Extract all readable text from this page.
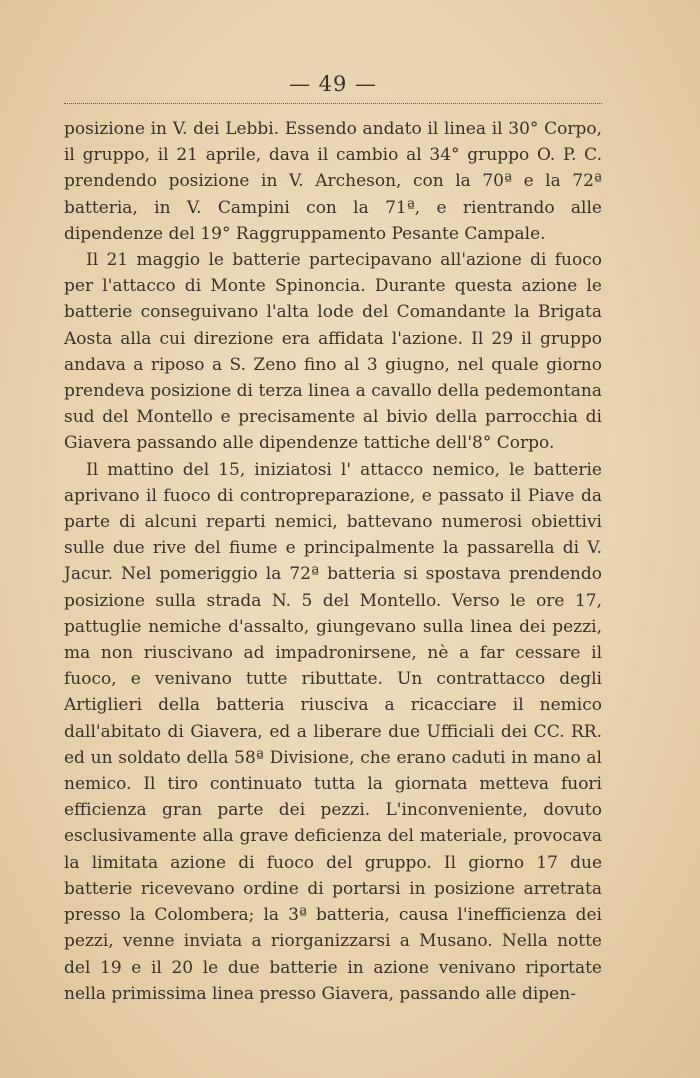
— 49 —

posizione in V. dei Lebbi. Essendo andato il linea il 30° Corpo, il gruppo, il 21 aprile, dava il cambio al 34° gruppo O. P. C. prendendo posizione in V. Archeson, con la 70ª e la 72ª batteria, in V. Campini con la 71ª, e rientrando alle dipendenze del 19° Raggruppamento Pesante Campale.

Il 21 maggio le batterie partecipavano all'azione di fuoco per l'attacco di Monte Spinoncia. Durante questa azione le batterie conseguivano l'alta lode del Comandante la Brigata Aosta alla cui direzione era affidata l'azione. Il 29 il gruppo andava a riposo a S. Zeno fino al 3 giugno, nel quale giorno prendeva posizione di terza linea a cavallo della pedemontana sud del Montello e precisamente al bivio della parrocchia di Giavera passando alle dipendenze tattiche dell'8° Corpo.

Il mattino del 15, iniziatosi l' attacco nemico, le batterie aprivano il fuoco di contropreparazione, e passato il Piave da parte di alcuni reparti nemici, battevano numerosi obiettivi sulle due rive del fiume e principalmente la passarella di V. Jacur. Nel pomeriggio la 72ª batteria si spostava prendendo posizione sulla strada N. 5 del Montello. Verso le ore 17, pattuglie nemiche d'assalto, giungevano sulla linea dei pezzi, ma non riuscivano ad impadronirsene, nè a far cessare il fuoco, e venivano tutte ributtate. Un contrattacco degli Artiglieri della batteria riusciva a ricacciare il nemico dall'abitato di Giavera, ed a liberare due Ufficiali dei CC. RR. ed un soldato della 58ª Divisione, che erano caduti in mano al nemico. Il tiro continuato tutta la giornata metteva fuori efficienza gran parte dei pezzi. L'inconveniente, dovuto esclusivamente alla grave deficienza del materiale, provocava la limitata azione di fuoco del gruppo. Il giorno 17 due batterie ricevevano ordine di portarsi in posizione arretrata presso la Colombera; la 3ª batteria, causa l'inefficienza dei pezzi, venne inviata a riorganizzarsi a Musano. Nella notte del 19 e il 20 le due batterie in azione venivano riportate nella primissima linea presso Giavera, passando alle dipen-
